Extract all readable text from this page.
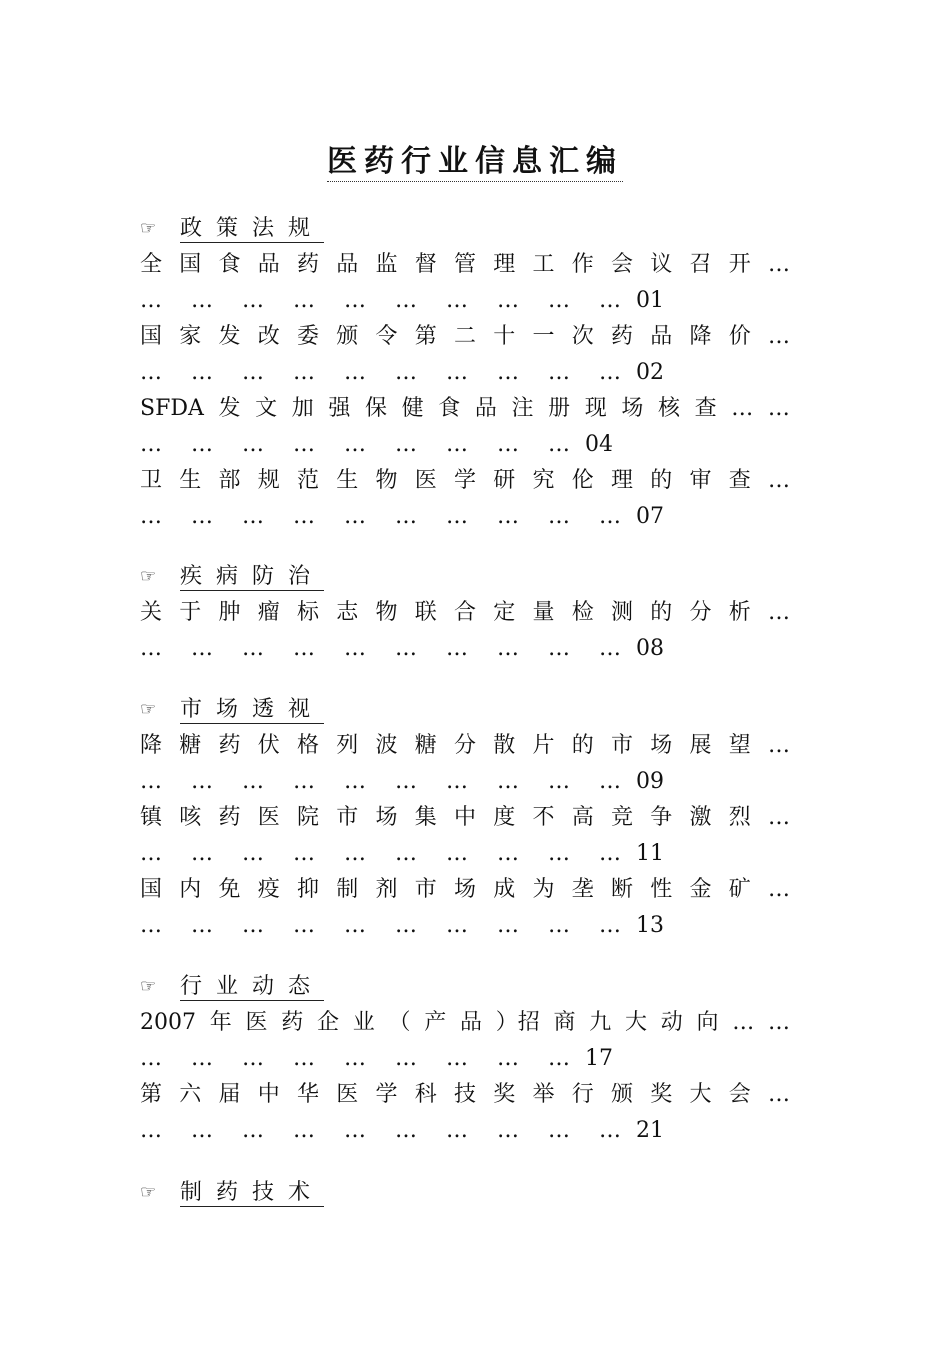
医药行业信息汇编
☞ 政策法规
全 国 食 品 药 品 监 督 管 理 工 作 会 议 召 开 …
… … … … … … … … … … 01
国 家 发 改 委 颁 令 第 二 十 一 次 药 品 降 价 …
… … … … … … … … … … 02
SFDA 发 文 加 强 保 健 食 品 注 册 现 场 核 查 … …
… … … … … … … … … 04
卫 生 部 规 范 生 物 医 学 研 究 伦 理 的 审 查 …
… … … … … … … … … … 07
☞ 疾病防治
关 于 肿 瘤 标 志 物 联 合 定 量 检 测 的 分 析 …
… … … … … … … … … … 08
☞ 市场透视
降 糖 药 伏 格 列 波 糖 分 散 片 的 市 场 展 望 …
… … … … … … … … … … 09
镇 咳 药 医 院 市 场 集 中 度 不 高 竞 争 激 烈 …
… … … … … … … … … … 11
国 内 免 疫 抑 制 剂 市 场 成 为 垄 断 性 金 矿 …
… … … … … … … … … … 13
☞ 行业动态
2007 年 医 药 企 业 （ 产 品 ）招 商 九 大 动 向 … …
… … … … … … … … … 17
第 六 届 中 华 医 学 科 技 奖 举 行 颁 奖 大 会 …
… … … … … … … … … … 21
☞ 制药技术
